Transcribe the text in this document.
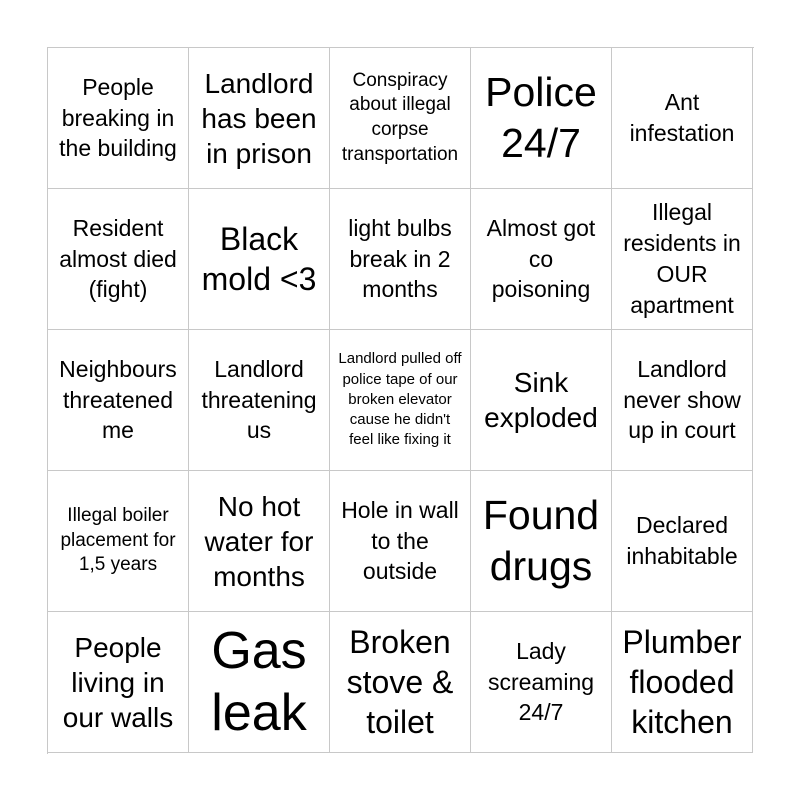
People breaking in the building
Landlord has been in prison
Conspiracy about illegal corpse transportation
Police 24/7
Ant infestation
Resident almost died (fight)
Black mold <3
light bulbs break in 2 months
Almost got co poisoning
Illegal residents in OUR apartment
Neighbours threatened me
Landlord threatening us
Landlord pulled off police tape of our broken elevator cause he didn't feel like fixing it
Sink exploded
Landlord never show up in court
Illegal boiler placement for 1,5 years
No hot water for months
Hole in wall to the outside
Found drugs
Declared inhabitable
People living in our walls
Gas leak
Broken stove & toilet
Lady screaming 24/7
Plumber flooded kitchen
